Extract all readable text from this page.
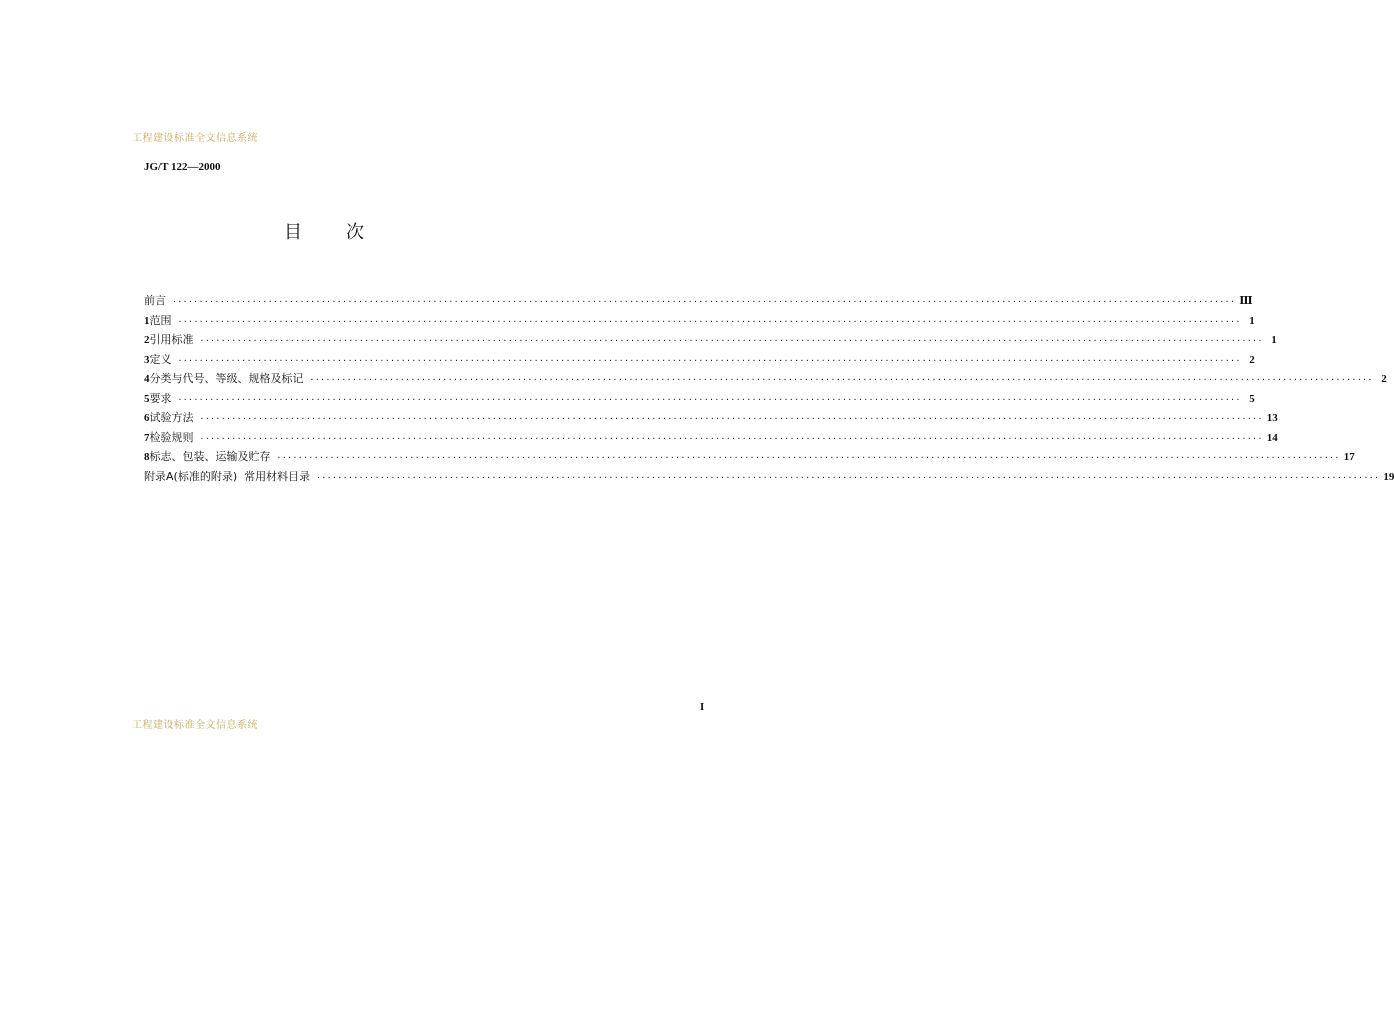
工程建设标准全文信息系统
JG/T 122—2000
目次
前言 ········································································································································································································ Ⅲ
1 范围 ········································································································································································································ 1
2 引用标准 ········································································································································································································ 1
3 定义 ········································································································································································································ 2
4 分类与代号、等级、规格及标记 ········································································································································································································ 2
5 要求 ········································································································································································································ 5
6 试验方法 ········································································································································································································ 13
7 检验规则 ········································································································································································································ 14
8 标志、包装、运输及贮存 ········································································································································································································ 17
附录A(标准的附录)  常用材料目录 ········································································································································································································ 19
Ⅰ
工程建设标准全文信息系统
